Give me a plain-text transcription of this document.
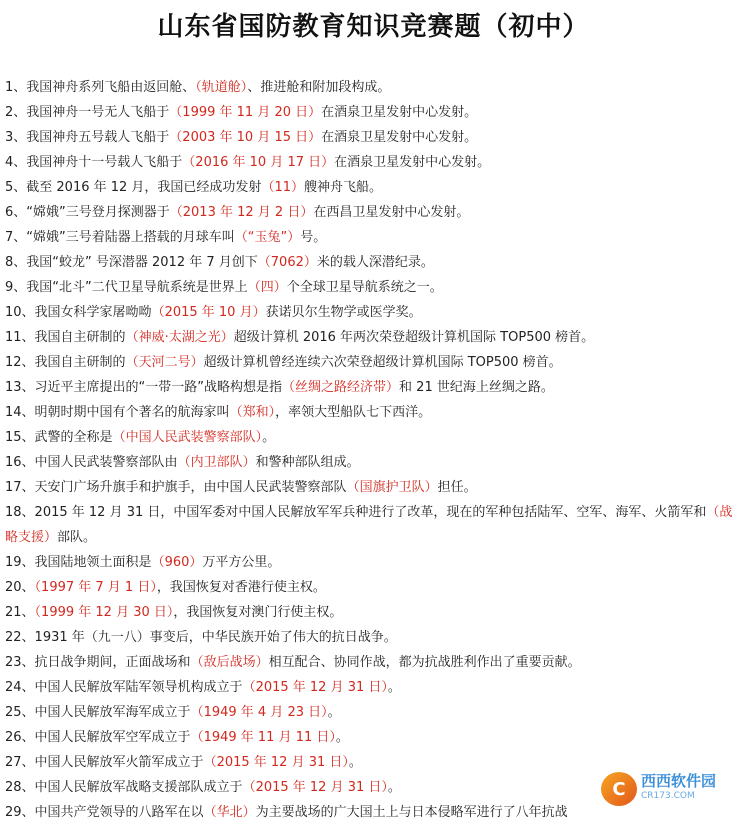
山东省国防教育知识竞赛题（初中）
1、我国神舟系列飞船由返回舱、（轨道舱）、推进舱和附加段构成。
2、我国神舟一号无人飞船于（1999 年 11 月 20 日）在酒泉卫星发射中心发射。
3、我国神舟五号载人飞船于（2003 年 10 月 15 日）在酒泉卫星发射中心发射。
4、我国神舟十一号载人飞船于（2016 年 10 月 17 日）在酒泉卫星发射中心发射。
5、截至 2016 年 12 月，我国已经成功发射（11）艘神舟飞船。
6、“嫦娥”三号登月探测器于（2013 年 12 月 2 日）在西昌卫星发射中心发射。
7、“嫦娥”三号着陆器上搭载的月球车叫（“玉兔”）号。
8、我国“蛟龙” 号深潜器 2012 年 7 月创下（7062）米的载人深潜纪录。
9、我国“北斗”二代卫星导航系统是世界上（四）个全球卫星导航系统之一。
10、我国女科学家屠呦呦（2015 年 10 月）获诺贝尔生物学或医学奖。
11、我国自主研制的（神威·太湖之光）超级计算机 2016 年两次荣登超级计算机国际 TOP500 榜首。
12、我国自主研制的（天河二号）超级计算机曾经连续六次荣登超级计算机国际 TOP500 榜首。
13、习近平主席提出的“一带一路”战略构想是指（丝绸之路经济带）和 21 世纪海上丝绸之路。
14、明朝时期中国有个著名的航海家叫（郑和），率领大型船队七下西洋。
15、武警的全称是（中国人民武装警察部队）。
16、中国人民武装警察部队由（内卫部队）和警种部队组成。
17、天安门广场升旗手和护旗手，由中国人民武装警察部队（国旗护卫队）担任。
18、2015 年 12 月 31 日，中国军委对中国人民解放军军兵种进行了改革，现在的军种包括陆军、空军、海军、火箭军和（战略支援）部队。
19、我国陆地领土面积是（960）万平方公里。
20、（1997 年 7 月 1 日），我国恢复对香港行使主权。
21、（1999 年 12 月 30 日），我国恢复对澳门行使主权。
22、1931 年（九一八）事变后，中华民族开始了伟大的抗日战争。
23、抗日战争期间，正面战场和（敌后战场）相互配合、协同作战，都为抗战胜利作出了重要贡献。
24、中国人民解放军陆军领导机构成立于（2015 年 12 月 31 日）。
25、中国人民解放军海军成立于（1949 年 4 月 23 日）。
26、中国人民解放军空军成立于（1949 年 11 月 11 日）。
27、中国人民解放军火箭军成立于（2015 年 12 月 31 日）。
28、中国人民解放军战略支援部队成立于（2015 年 12 月 31 日）。
29、中国共产党领导的八路军在以（华北）为主要战场的广大国土上与日本侵略军进行了八年抗战
C	西西软件园
CR173.COM
